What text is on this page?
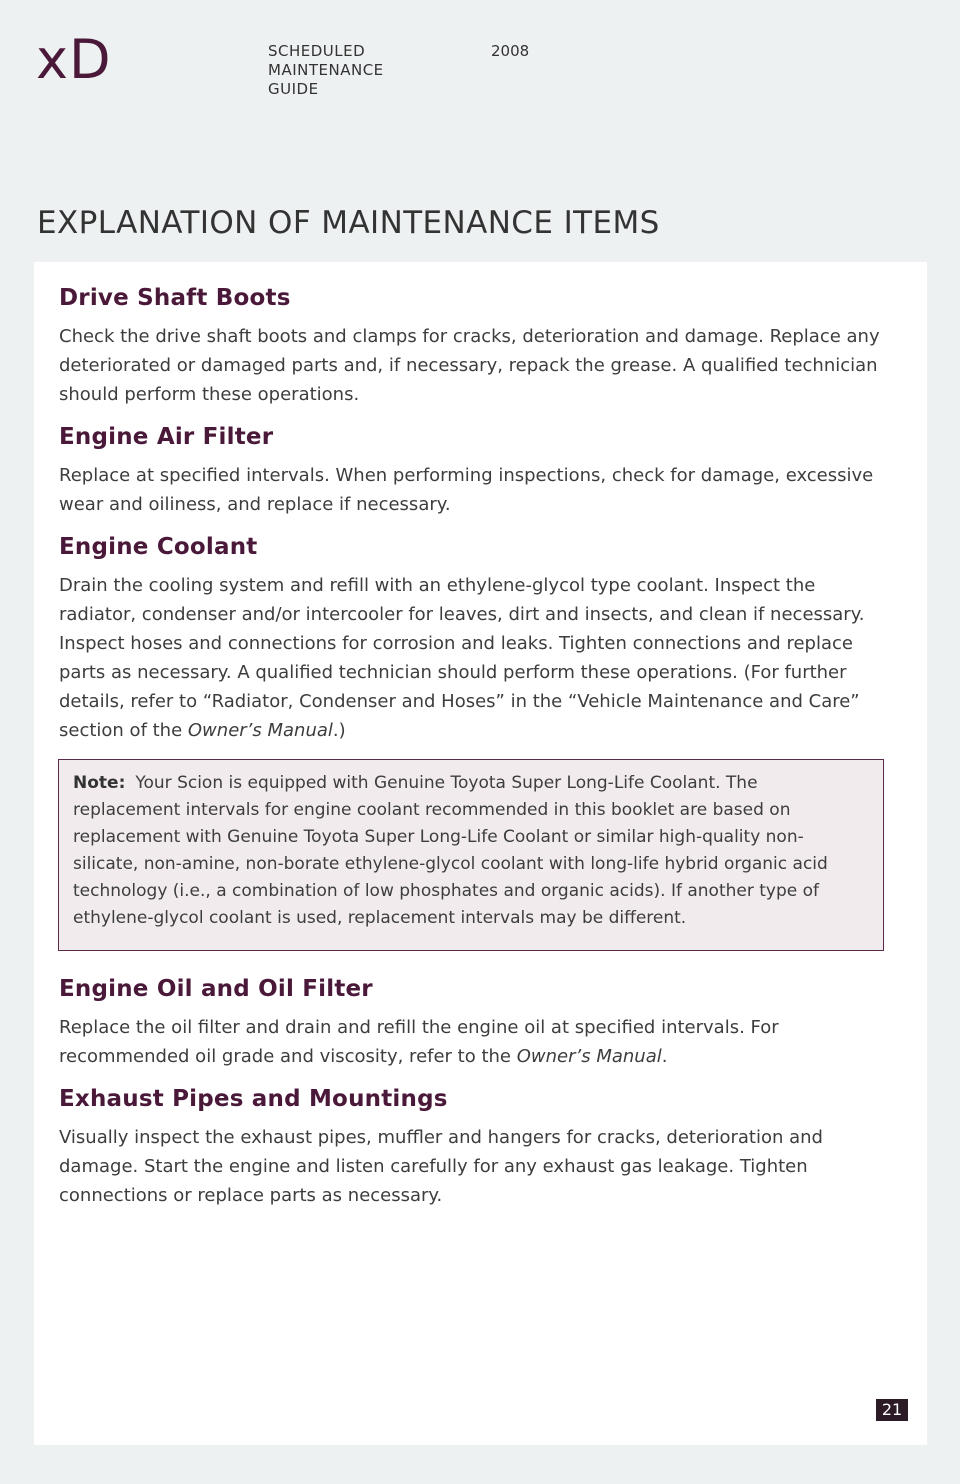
xD	SCHEDULED
MAINTENANCE
GUIDE
2008
EXPLANATION OF MAINTENANCE ITEMS
Drive Shaft Boots

Check the drive shaft boots and clamps for cracks, deterioration and damage. Replace any deteriorated or damaged parts and, if necessary, repack the grease. A qualified technician should perform these operations.

Engine Air Filter

Replace at specified intervals. When performing inspections, check for damage, excessive wear and oiliness, and replace if necessary.

Engine Coolant

Drain the cooling system and refill with an ethylene-glycol type coolant. Inspect the radiator, condenser and/or intercooler for leaves, dirt and insects, and clean if necessary. Inspect hoses and connections for corrosion and leaks. Tighten connections and replace parts as necessary. A qualified technician should perform these operations. (For further details, refer to “Radiator, Condenser and Hoses” in the “Vehicle Maintenance and Care” section of the Owner’s Manual.)

Note: Your Scion is equipped with Genuine Toyota Super Long-Life Coolant. The replacement intervals for engine coolant recommended in this booklet are based on replacement with Genuine Toyota Super Long-Life Coolant or similar high-quality non-silicate, non-amine, non-borate ethylene-glycol coolant with long-life hybrid organic acid technology (i.e., a combination of low phosphates and organic acids). If another type of ethylene-glycol coolant is used, replacement intervals may be different.
Engine Oil and Oil Filter

Replace the oil filter and drain and refill the engine oil at specified intervals. For recommended oil grade and viscosity, refer to the Owner’s Manual.

Exhaust Pipes and Mountings

Visually inspect the exhaust pipes, muffler and hangers for cracks, deterioration and damage. Start the engine and listen carefully for any exhaust gas leakage. Tighten connections or replace parts as necessary.

21
